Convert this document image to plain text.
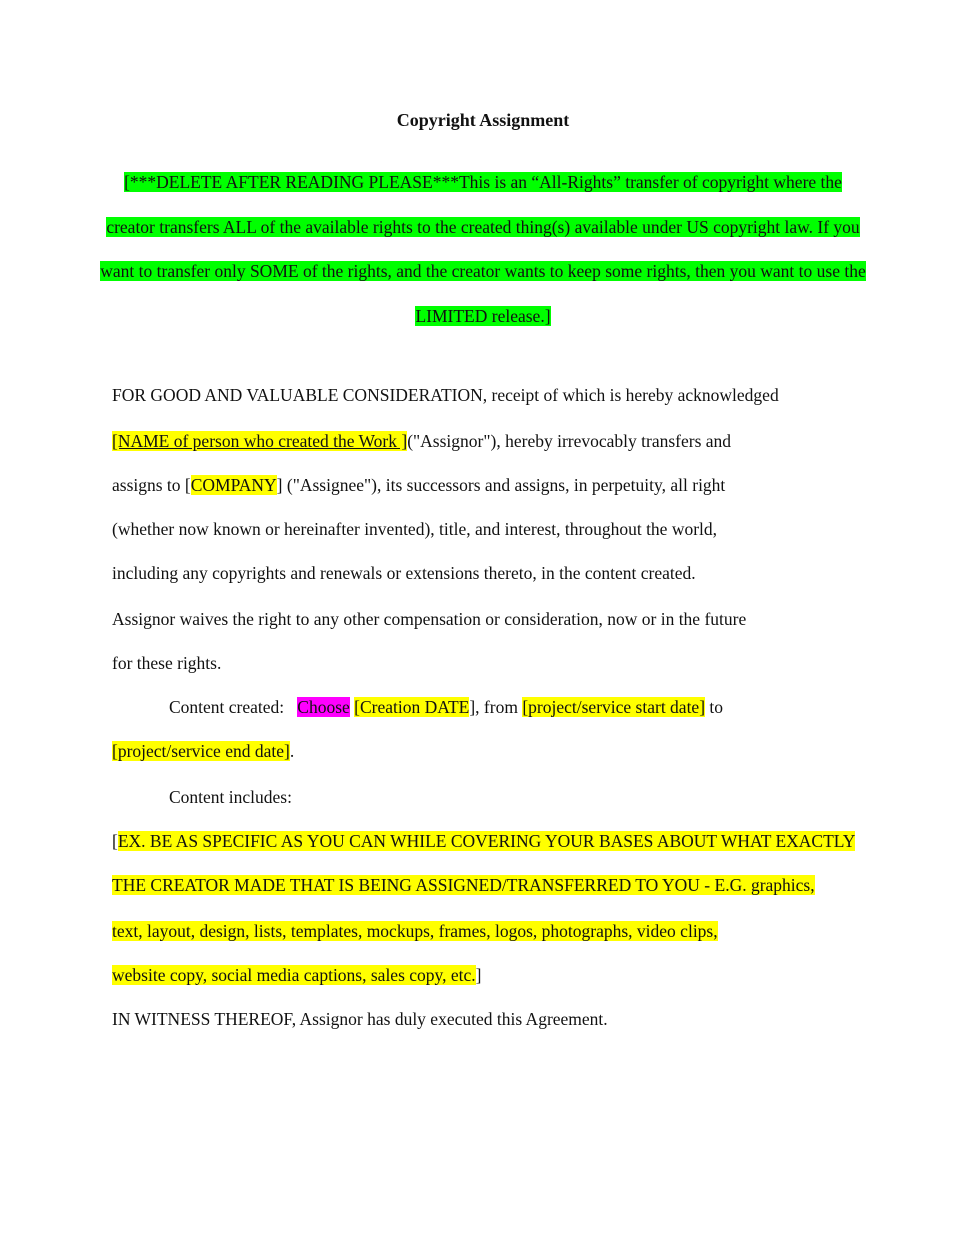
Copyright Assignment
[***DELETE AFTER READING PLEASE***This is an “All-Rights” transfer of copyright where the creator transfers ALL of the available rights to the created thing(s) available under US copyright law. If you want to transfer only SOME of the rights, and the creator wants to keep some rights, then you want to use the LIMITED release.]
FOR GOOD AND VALUABLE CONSIDERATION, receipt of which is hereby acknowledged
[NAME of person who created the Work ]("Assignor"), hereby irrevocably transfers and
assigns to [COMPANY] ("Assignee"), its successors and assigns, in perpetuity, all right
(whether now known or hereinafter invented), title, and interest, throughout the world,
including any copyrights and renewals or extensions thereto, in the content created.
Assignor waives the right to any other compensation or consideration, now or in the future
for these rights.
Content created: Choose [Creation DATE], from [project/service start date] to
[project/service end date].
Content includes:
[EX. BE AS SPECIFIC AS YOU CAN WHILE COVERING YOUR BASES ABOUT WHAT EXACTLY
THE CREATOR MADE THAT IS BEING ASSIGNED/TRANSFERRED TO YOU - E.G. graphics,
text, layout, design, lists, templates, mockups, frames, logos, photographs, video clips,
website copy, social media captions, sales copy, etc.]
IN WITNESS THEREOF, Assignor has duly executed this Agreement.
